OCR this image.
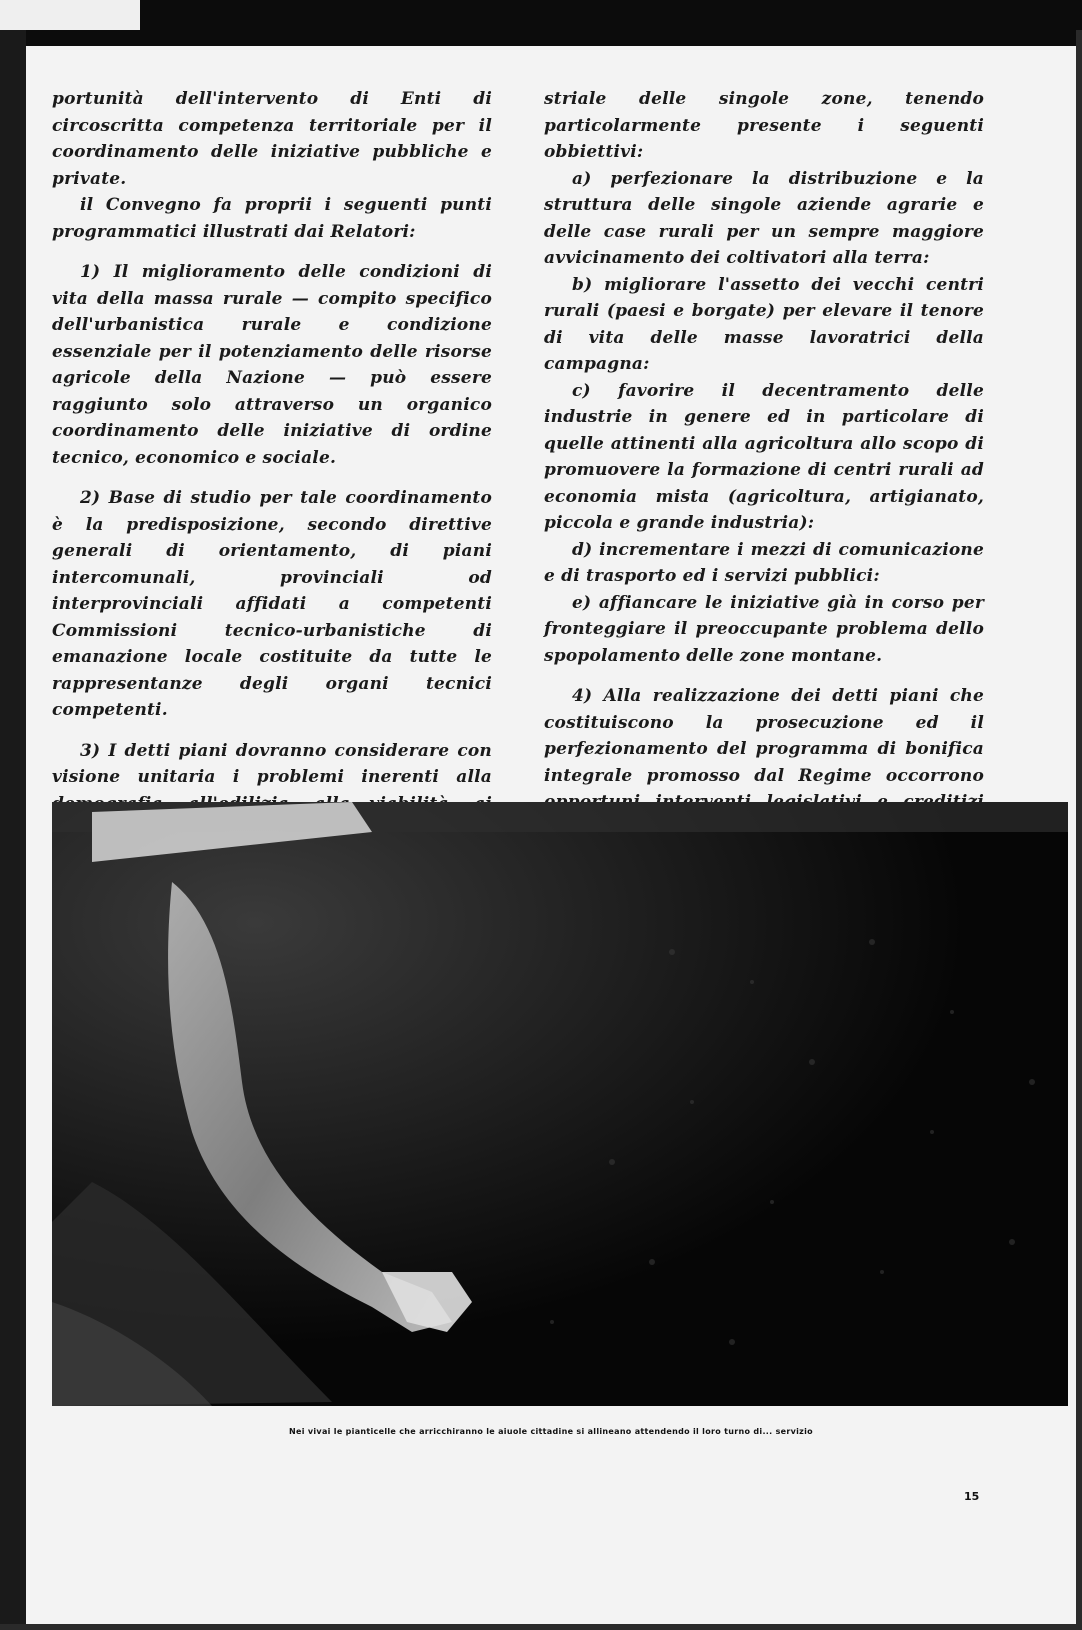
portunità dell'intervento di Enti di circoscritta competenza territoriale per il coordinamento delle iniziative pubbliche e private.

il Convegno fa proprii i seguenti punti programmatici illustrati dai Relatori:

1) Il miglioramento delle condizioni di vita della massa rurale — compito specifico dell'urbanistica rurale e condizione essenziale per il potenziamento delle risorse agricole della Nazione — può essere raggiunto solo attraverso un organico coordinamento delle iniziative di ordine tecnico, economico e sociale.

2) Base di studio per tale coordinamento è la predisposizione, secondo direttive generali di orientamento, di piani intercomunali, provinciali od interprovinciali affidati a competenti Commissioni tecnico-urbanistiche di emanazione locale costituite da tutte le rappresentanze degli organi tecnici competenti.

3) I detti piani dovranno considerare con visione unitaria i problemi inerenti alla

striale delle singole zone, tenendo particolarmente presente i seguenti obbiettivi:

a) perfezionare la distribuzione e la struttura delle singole aziende agrarie e delle case rurali per un sempre maggiore avvicinamento dei coltivatori alla terra:

b) migliorare l'assetto dei vecchi centri rurali (paesi e borgate) per elevare il tenore di vita delle masse lavoratrici della campagna:

c) favorire il decentramento delle industrie in genere ed in particolare di quelle attinenti alla agricoltura allo scopo di promuovere la formazione di centri rurali ad economia mista (agricoltura, artigianato, piccola e grande industria):

d) incrementare i mezzi di comunicazione e di trasporto ed i servizi pubblici:

e) affiancare le iniziative già in corso per fronteggiare il preoccupante problema dello spopolamento delle zone montane.

4) Alla realizzazione dei detti piani che costituiscono la prosecuzione ed il perfezionamento del programma di bonifica integrale promosso dal Regime occorrono

Nei vivai le pianticelle che arricchiranno le aiuole cittadine si allineano attendendo il loro turno di... servizio
15
